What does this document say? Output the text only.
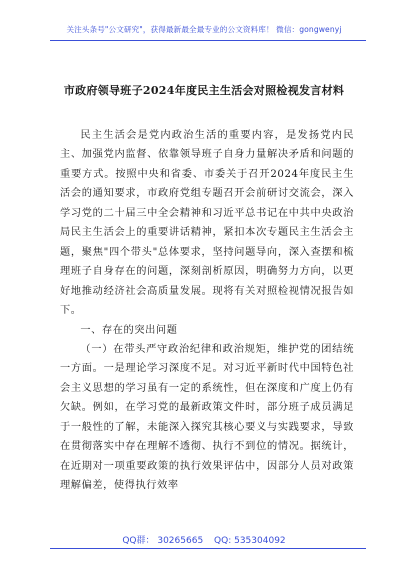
关注头条号"公文研究"，获得最新最全最专业的公文资料库！ 微信：gongwenyj
市政府领导班子2024年度民主生活会对照检视发言材料

民主生活会是党内政治生活的重要内容，是发扬党内民主、加强党内监督、依靠领导班子自身力量解决矛盾和问题的重要方式。按照中央和省委、市委关于召开2024年度民主生活会的通知要求，市政府党组专题召开会前研讨交流会，深入学习党的二十届三中全会精神和习近平总书记在中共中央政治局民主生活会上的重要讲话精神，紧扣本次专题民主生活会主题，聚焦"四个带头"总体要求，坚持问题导向，深入查摆和梳理班子自身存在的问题，深刻剖析原因，明确努力方向，以更好地推动经济社会高质量发展。现将有关对照检视情况报告如下。

一、存在的突出问题

（一）在带头严守政治纪律和政治规矩，维护党的团结统一方面。一是理论学习深度不足。对习近平新时代中国特色社会主义思想的学习虽有一定的系统性，但在深度和广度上仍有欠缺。例如，在学习党的最新政策文件时，部分班子成员满足于一般性的了解，未能深入探究其核心要义与实践要求，导致在贯彻落实中存在理解不透彻、执行不到位的情况。据统计，在近期对一项重要政策的执行效果评估中，因部分人员对政策理解偏差，使得执行效率

QQ群： 30265665 QQ: 535304092
